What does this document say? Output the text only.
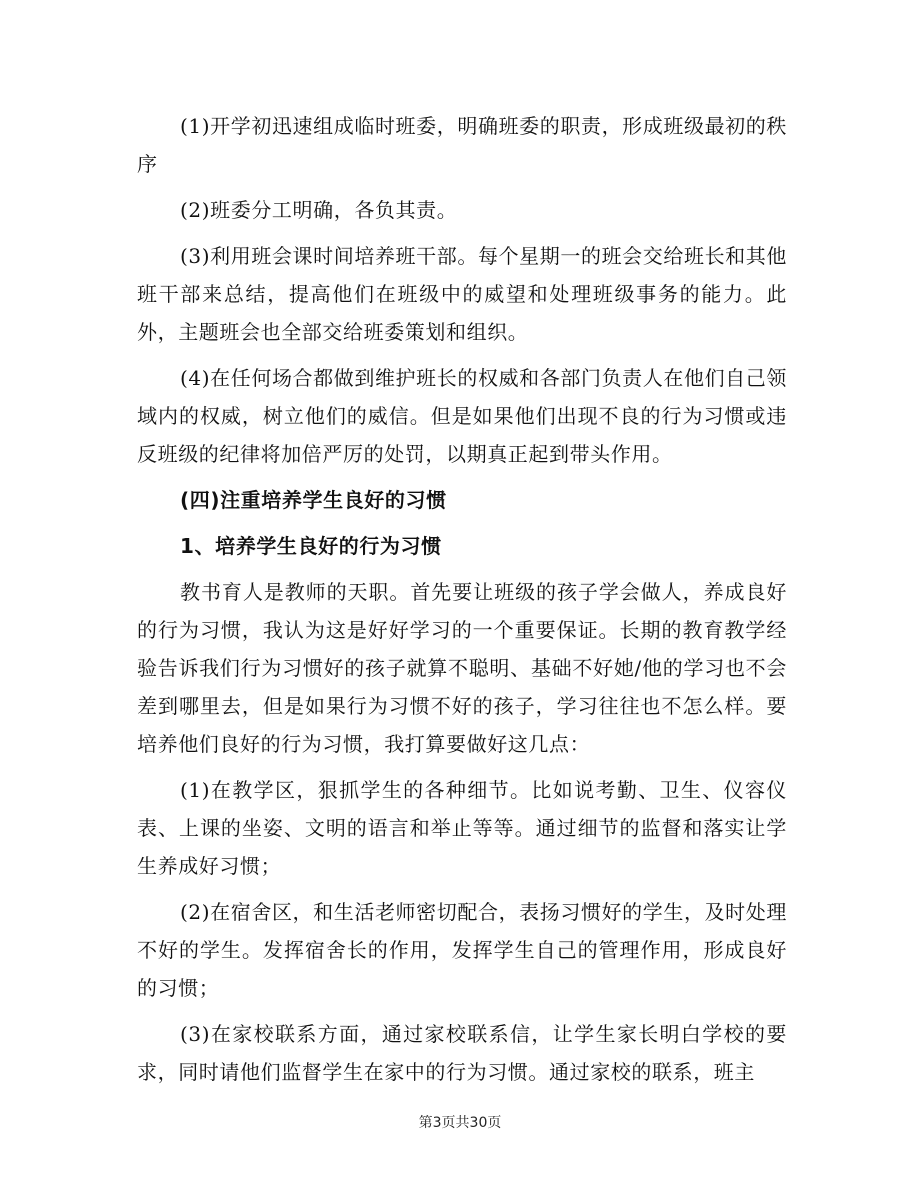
(1)开学初迅速组成临时班委，明确班委的职责，形成班级最初的秩序

(2)班委分工明确，各负其责。

(3)利用班会课时间培养班干部。每个星期一的班会交给班长和其他班干部来总结，提高他们在班级中的威望和处理班级事务的能力。此外，主题班会也全部交给班委策划和组织。

(4)在任何场合都做到维护班长的权威和各部门负责人在他们自己领域内的权威，树立他们的威信。但是如果他们出现不良的行为习惯或违反班级的纪律将加倍严厉的处罚，以期真正起到带头作用。

(四)注重培养学生良好的习惯

1、培养学生良好的行为习惯

教书育人是教师的天职。首先要让班级的孩子学会做人，养成良好的行为习惯，我认为这是好好学习的一个重要保证。长期的教育教学经验告诉我们行为习惯好的孩子就算不聪明、基础不好她/他的学习也不会差到哪里去，但是如果行为习惯不好的孩子，学习往往也不怎么样。要培养他们良好的行为习惯，我打算要做好这几点：

(1)在教学区，狠抓学生的各种细节。比如说考勤、卫生、仪容仪表、上课的坐姿、文明的语言和举止等等。通过细节的监督和落实让学生养成好习惯；

(2)在宿舍区，和生活老师密切配合，表扬习惯好的学生，及时处理不好的学生。发挥宿舍长的作用，发挥学生自己的管理作用，形成良好的习惯；

(3)在家校联系方面，通过家校联系信，让学生家长明白学校的要求，同时请他们监督学生在家中的行为习惯。通过家校的联系，班主

第3页共30页
